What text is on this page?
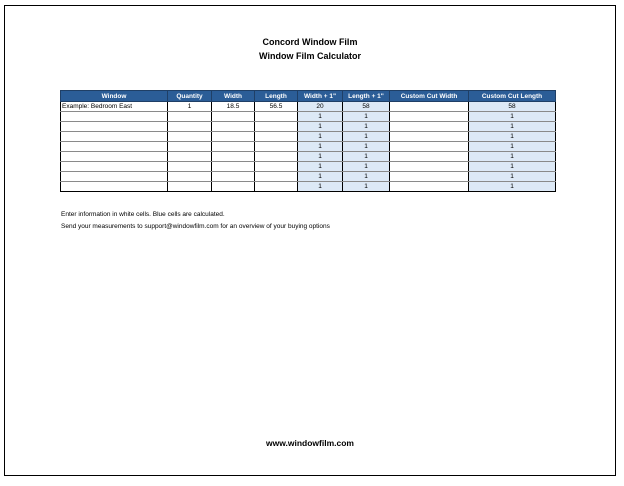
Concord Window Film
Window Film Calculator
Window	Quantity	Width	Length	Width + 1"	Length + 1"	Custom Cut Width	Custom Cut Length
Example: Bedroom East	1	18.5	56.5	20	58		58
				1	1		1
				1	1		1
				1	1		1
				1	1		1
				1	1		1
				1	1		1
				1	1		1
				1	1		1
Enter information in white cells. Blue cells are calculated.
Send your measurements to support@windowfilm.com for an overview of your buying options
www.windowfilm.com
